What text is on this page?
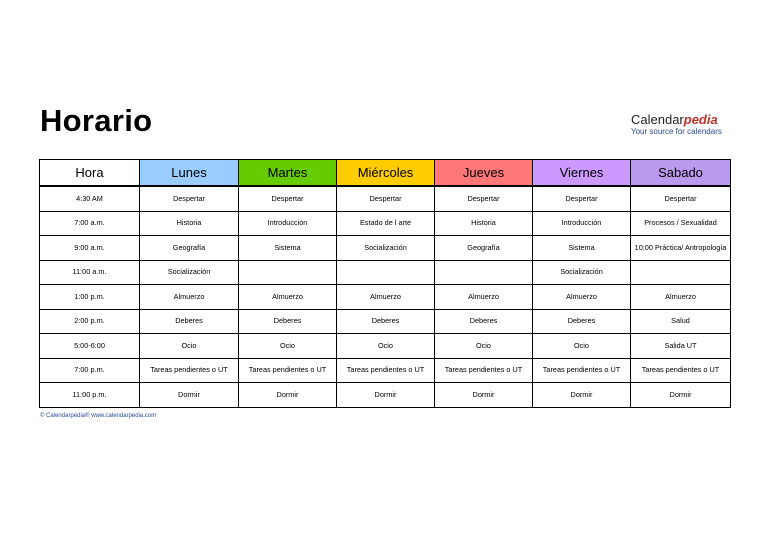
Horario	Calendarpedia
Your source for calendars
Hora	Lunes	Martes	Miércoles	Jueves	Viernes	Sabado
4:30 AM	Despertar	Despertar	Despertar	Despertar	Despertar	Despertar
7:00 a.m.	Historia	Introducción	Estado de l arte	Historia	Introducción	Procesos / Sexualidad
9:00 a.m.	Geografía	Sistema	Socialización	Geografía	Sistema	10:00 Práctica/ Antropología
11:00 a.m.	Socialización				Socialización	
1:00 p.m.	Almuerzo	Almuerzo	Almuerzo	Almuerzo	Almuerzo	Almuerzo
2:00 p.m.	Deberes	Deberes	Deberes	Deberes	Deberes	Salud
5:00-6:00	Ocio	Ocio	Ocio	Ocio	Ocio	Salida UT
7:00 p.m.	Tareas pendientes o UT	Tareas pendientes o UT	Tareas pendientes o UT	Tareas pendientes o UT	Tareas pendientes o UT	Tareas pendientes o UT
11:00 p.m.	Dormir	Dormir	Dormir	Dormir	Dormir	Dormir
© Calendarpedia® www.calendarpedia.com
